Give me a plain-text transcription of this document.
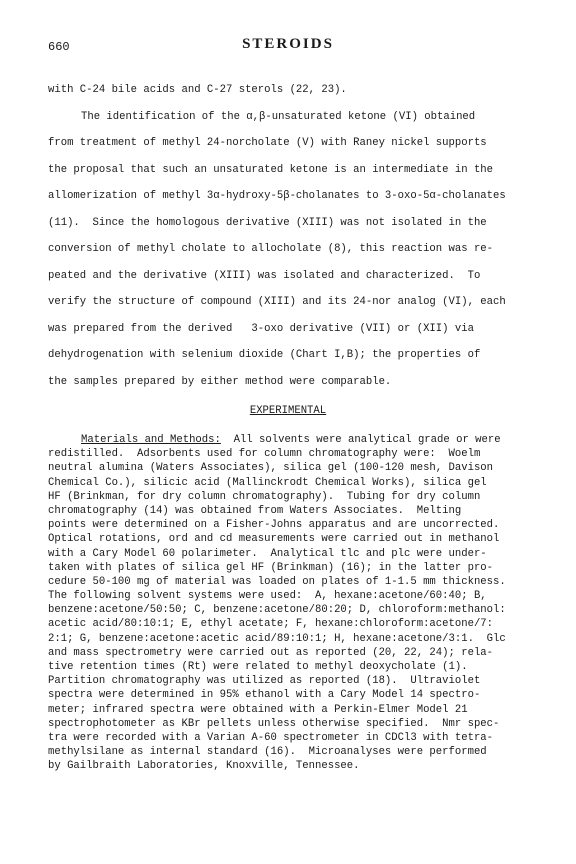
660	STEROIDS
with C-24 bile acids and C-27 sterols (22, 23).
The identification of the α,β-unsaturated ketone (VI) obtained
from treatment of methyl 24-norcholate (V) with Raney nickel supports
the proposal that such an unsaturated ketone is an intermediate in the
allomerization of methyl 3α-hydroxy-5β-cholanates to 3-oxo-5α-cholanates
(11).  Since the homologous derivative (XIII) was not isolated in the
conversion of methyl cholate to allocholate (8), this reaction was re-
peated and the derivative (XIII) was isolated and characterized.  To
verify the structure of compound (XIII) and its 24-nor analog (VI), each
was prepared from the derived   3-oxo derivative (VII) or (XII) via
dehydrogenation with selenium dioxide (Chart I,B); the properties of
the samples prepared by either method were comparable.
EXPERIMENTAL
Materials and Methods:  All solvents were analytical grade or were
redistilled.  Adsorbents used for column chromatography were:  Woelm
neutral alumina (Waters Associates), silica gel (100-120 mesh, Davison
Chemical Co.), silicic acid (Mallinckrodt Chemical Works), silica gel
HF (Brinkman, for dry column chromatography).  Tubing for dry column
chromatography (14) was obtained from Waters Associates.  Melting
points were determined on a Fisher-Johns apparatus and are uncorrected.
Optical rotations, ord and cd measurements were carried out in methanol
with a Cary Model 60 polarimeter.  Analytical tlc and plc were under-
taken with plates of silica gel HF (Brinkman) (16); in the latter pro-
cedure 50-100 mg of material was loaded on plates of 1-1.5 mm thickness.
The following solvent systems were used:  A, hexane:acetone/60:40; B,
benzene:acetone/50:50; C, benzene:acetone/80:20; D, chloroform:methanol:
acetic acid/80:10:1; E, ethyl acetate; F, hexane:chloroform:acetone/7:
2:1; G, benzene:acetone:acetic acid/89:10:1; H, hexane:acetone/3:1.  Glc
and mass spectrometry were carried out as reported (20, 22, 24); rela-
tive retention times (Rt) were related to methyl deoxycholate (1).
Partition chromatography was utilized as reported (18).  Ultraviolet
spectra were determined in 95% ethanol with a Cary Model 14 spectro-
meter; infrared spectra were obtained with a Perkin-Elmer Model 21
spectrophotometer as KBr pellets unless otherwise specified.  Nmr spec-
tra were recorded with a Varian A-60 spectrometer in CDCl3 with tetra-
methylsilane as internal standard (16).  Microanalyses were performed
by Gailbraith Laboratories, Knoxville, Tennessee.
